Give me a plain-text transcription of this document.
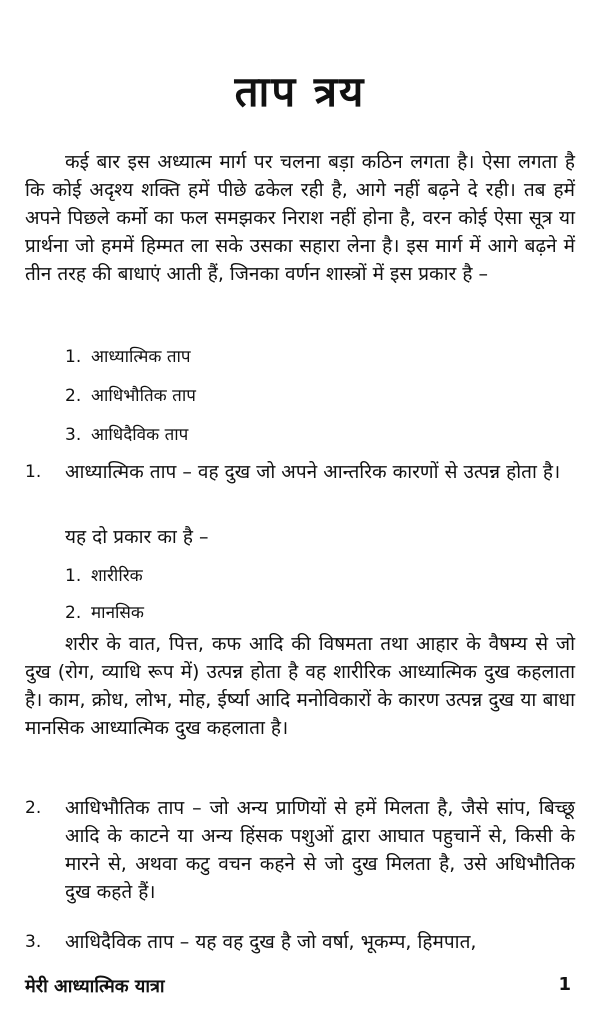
ताप त्रय
कई बार इस अध्यात्म मार्ग पर चलना बड़ा कठिन लगता है। ऐसा लगता है कि कोई अदृश्य शक्ति हमें पीछे ढकेल रही है, आगे नहीं बढ़ने दे रही। तब हमें अपने पिछले कर्मो का फल समझकर निराश नहीं होना है, वरन कोई ऐसा सूत्र या प्रार्थना जो हममें हिम्मत ला सके उसका सहारा लेना है। इस मार्ग में आगे बढ़ने में तीन तरह की बाधाएं आती हैं, जिनका वर्णन शास्त्रों में इस प्रकार है –
1. आध्यात्मिक ताप
2. आधिभौतिक ताप
3. आधिदैविक ताप
1.	आध्यात्मिक ताप – वह दुख जो अपने आन्तरिक कारणों से उत्पन्न होता है।
यह दो प्रकार का है –
1. शारीरिक
2. मानसिक
शरीर के वात, पित्त, कफ आदि की विषमता तथा आहार के वैषम्य से जो दुख (रोग, व्याधि रूप में) उत्पन्न होता है वह शारीरिक आध्यात्मिक दुख कहलाता है। काम, क्रोध, लोभ, मोह, ईर्ष्या आदि मनोविकारों के कारण उत्पन्न दुख या बाधा मानसिक आध्यात्मिक दुख कहलाता है।
2.	आधिभौतिक ताप – जो अन्य प्राणियों से हमें मिलता है, जैसे सांप, बिच्छू आदि के काटने या अन्य हिंसक पशुओं द्वारा आघात पहुचानें से, किसी के मारने से, अथवा कटु वचन कहने से जो दुख मिलता है, उसे अधिभौतिक दुख कहते हैं।
3.	आधिदैविक ताप – यह वह दुख है जो वर्षा, भूकम्प, हिमपात,
मेरी आध्यात्मिक यात्रा	1
